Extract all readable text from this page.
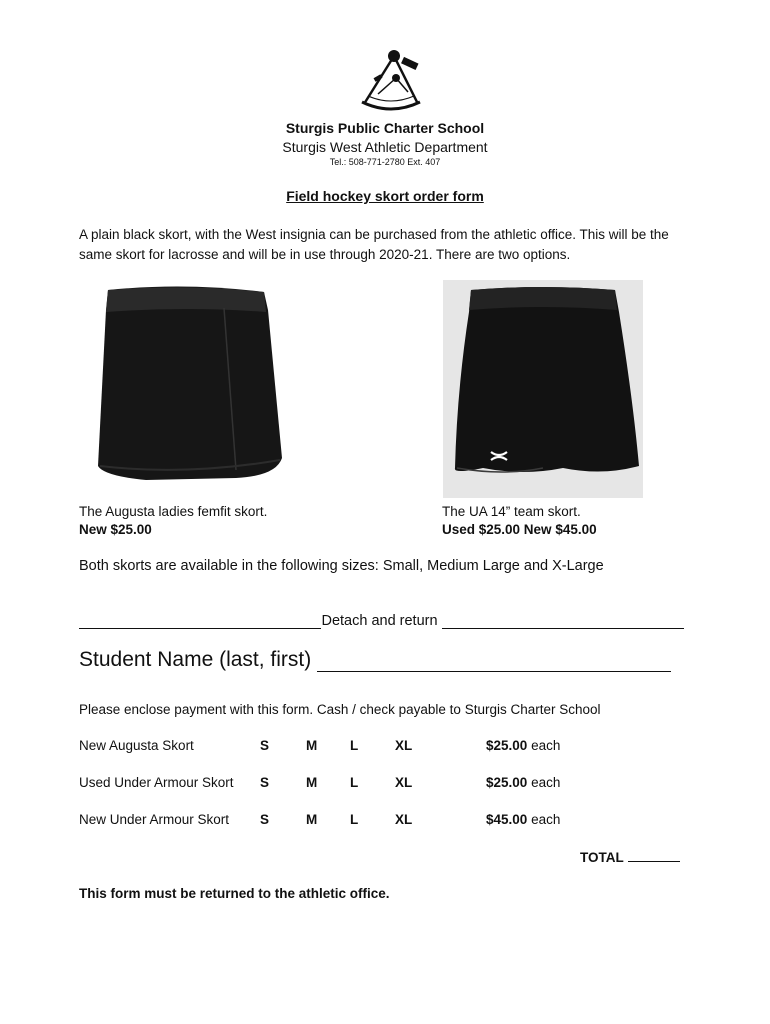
Sturgis Public Charter School
Sturgis West Athletic Department
Tel.: 508-771-2780 Ext. 407
Field hockey skort order form
A plain black skort, with the West insignia can be purchased from the athletic office. This will be the same skort for lacrosse and will be in use through 2020-21. There are two options.
The Augusta ladies femfit skort.
New $25.00
The UA 14” team skort.
Used $25.00 New $45.00
Both skorts are available in the following sizes: Small, Medium Large and X-Large
Detach and return
Student Name (last, first)
Please enclose payment with this form. Cash / check payable to Sturgis Charter School
New Augusta Skort	S	M L	XL	$25.00 each
Used Under Armour Skort S	M L	XL	$25.00 each
New Under Armour Skort S	M L	XL	$45.00 each
TOTAL
This form must be returned to the athletic office.
